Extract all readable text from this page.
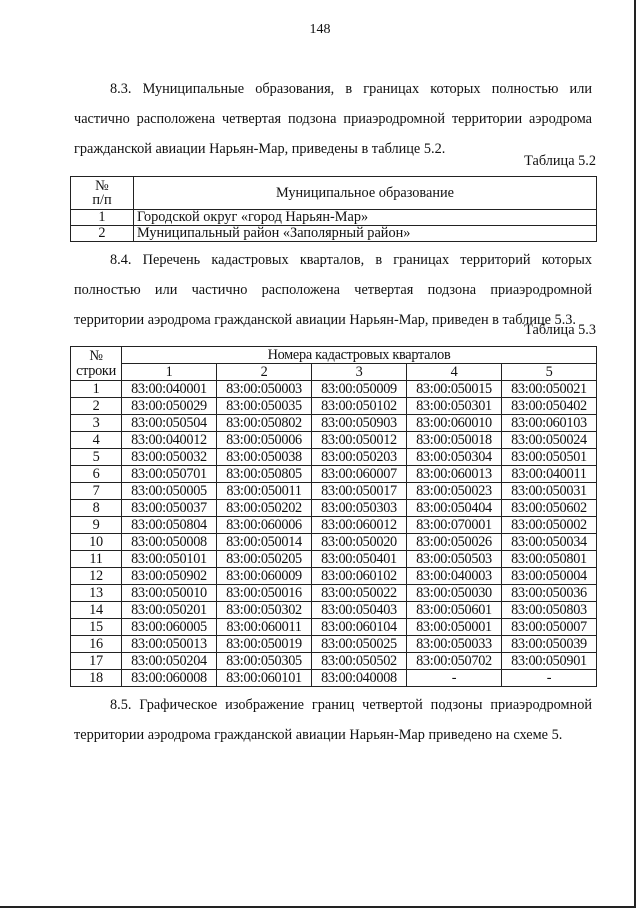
148

8.3. Муниципальные образования, в границах которых полностью или частично расположена четвертая подзона приаэродромной территории аэродрома гражданской авиации Нарьян-Мар, приведены в таблице 5.2.

Таблица 5.2
№
п/п	Муниципальное образование
1	Городской округ «город Нарьян-Мар»
2	Муниципальный район «Заполярный район»

8.4. Перечень кадастровых кварталов, в границах территорий которых полностью или частично расположена четвертая подзона приаэродромной территории аэродрома гражданской авиации Нарьян-Мар, приведен в таблице 5.3.

Таблица 5.3
№
строки	Номера кадастровых кварталов				
	1	2	3	4	5
1	83:00:040001	83:00:050003	83:00:050009	83:00:050015	83:00:050021
2	83:00:050029	83:00:050035	83:00:050102	83:00:050301	83:00:050402
3	83:00:050504	83:00:050802	83:00:050903	83:00:060010	83:00:060103
4	83:00:040012	83:00:050006	83:00:050012	83:00:050018	83:00:050024
5	83:00:050032	83:00:050038	83:00:050203	83:00:050304	83:00:050501
6	83:00:050701	83:00:050805	83:00:060007	83:00:060013	83:00:040011
7	83:00:050005	83:00:050011	83:00:050017	83:00:050023	83:00:050031
8	83:00:050037	83:00:050202	83:00:050303	83:00:050404	83:00:050602
9	83:00:050804	83:00:060006	83:00:060012	83:00:070001	83:00:050002
10	83:00:050008	83:00:050014	83:00:050020	83:00:050026	83:00:050034
11	83:00:050101	83:00:050205	83:00:050401	83:00:050503	83:00:050801
12	83:00:050902	83:00:060009	83:00:060102	83:00:040003	83:00:050004
13	83:00:050010	83:00:050016	83:00:050022	83:00:050030	83:00:050036
14	83:00:050201	83:00:050302	83:00:050403	83:00:050601	83:00:050803
15	83:00:060005	83:00:060011	83:00:060104	83:00:050001	83:00:050007
16	83:00:050013	83:00:050019	83:00:050025	83:00:050033	83:00:050039
17	83:00:050204	83:00:050305	83:00:050502	83:00:050702	83:00:050901
18	83:00:060008	83:00:060101	83:00:040008	-	-

8.5. Графическое изображение границ четвертой подзоны приаэродромной территории аэродрома гражданской авиации Нарьян-Мар приведено на схеме 5.
